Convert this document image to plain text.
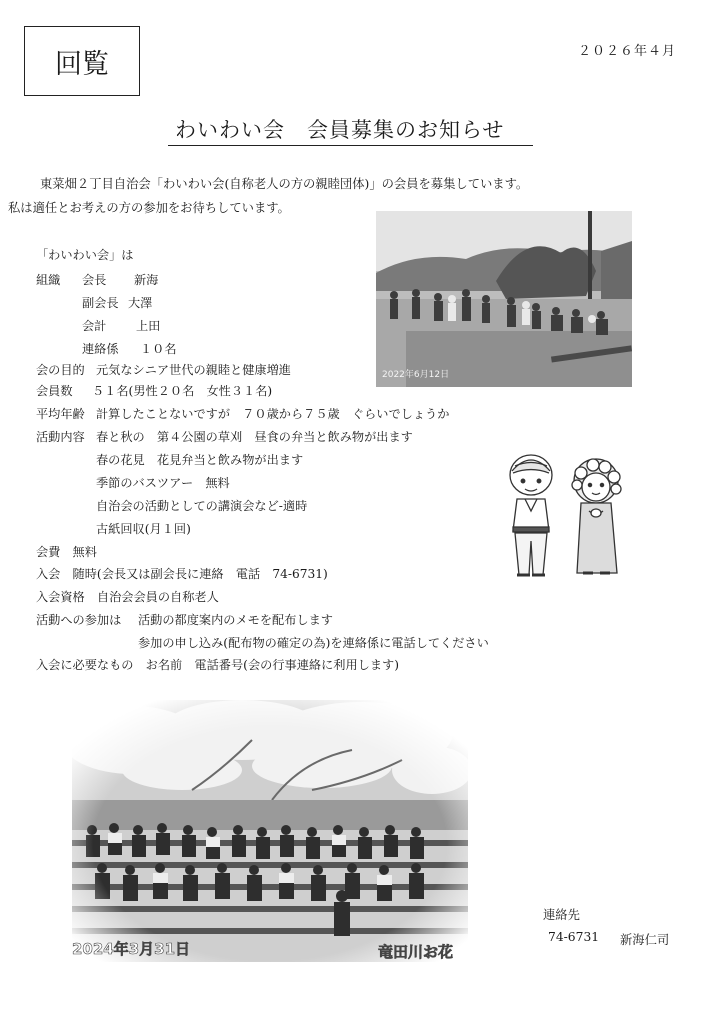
回覧	２０２６年４月
わいわい会　会員募集のお知らせ

東菜畑２丁目自治会「わいわい会(自称老人の方の親睦団体)」の会員を募集しています。

私は適任とお考えの方の参加をお待ちしています。

2022年6月12日
「わいわい会」は
組織 会長 新海
副会長 大澤
会計 上田
連絡係 １０名
会の目的 元気なシニア世代の親睦と健康増進
会員数 ５１名(男性２０名　女性３１名)
平均年齢 計算したことないですが　７０歳から７５歳　ぐらいでしょうか
活動内容 春と秋の　第４公園の草刈　昼食の弁当と飲み物が出ます
春の花見　花見弁当と飲み物が出ます
季節のバスツアー　無料
自治会の活動としての講演会など-適時
古紙回収(月１回)
会費　無料
入会　随時(会長又は副会長に連絡　電話　74-6731)
入会資格　自治会会員の自称老人
活動への参加は 活動の都度案内のメモを配布します
参加の申し込み(配布物の確定の為)を連絡係に電話してください
入会に必要なもの　お名前　電話番号(会の行事連絡に利用します)
2024年3月31日	竜田川お花
連絡先
74-6731 新海仁司
